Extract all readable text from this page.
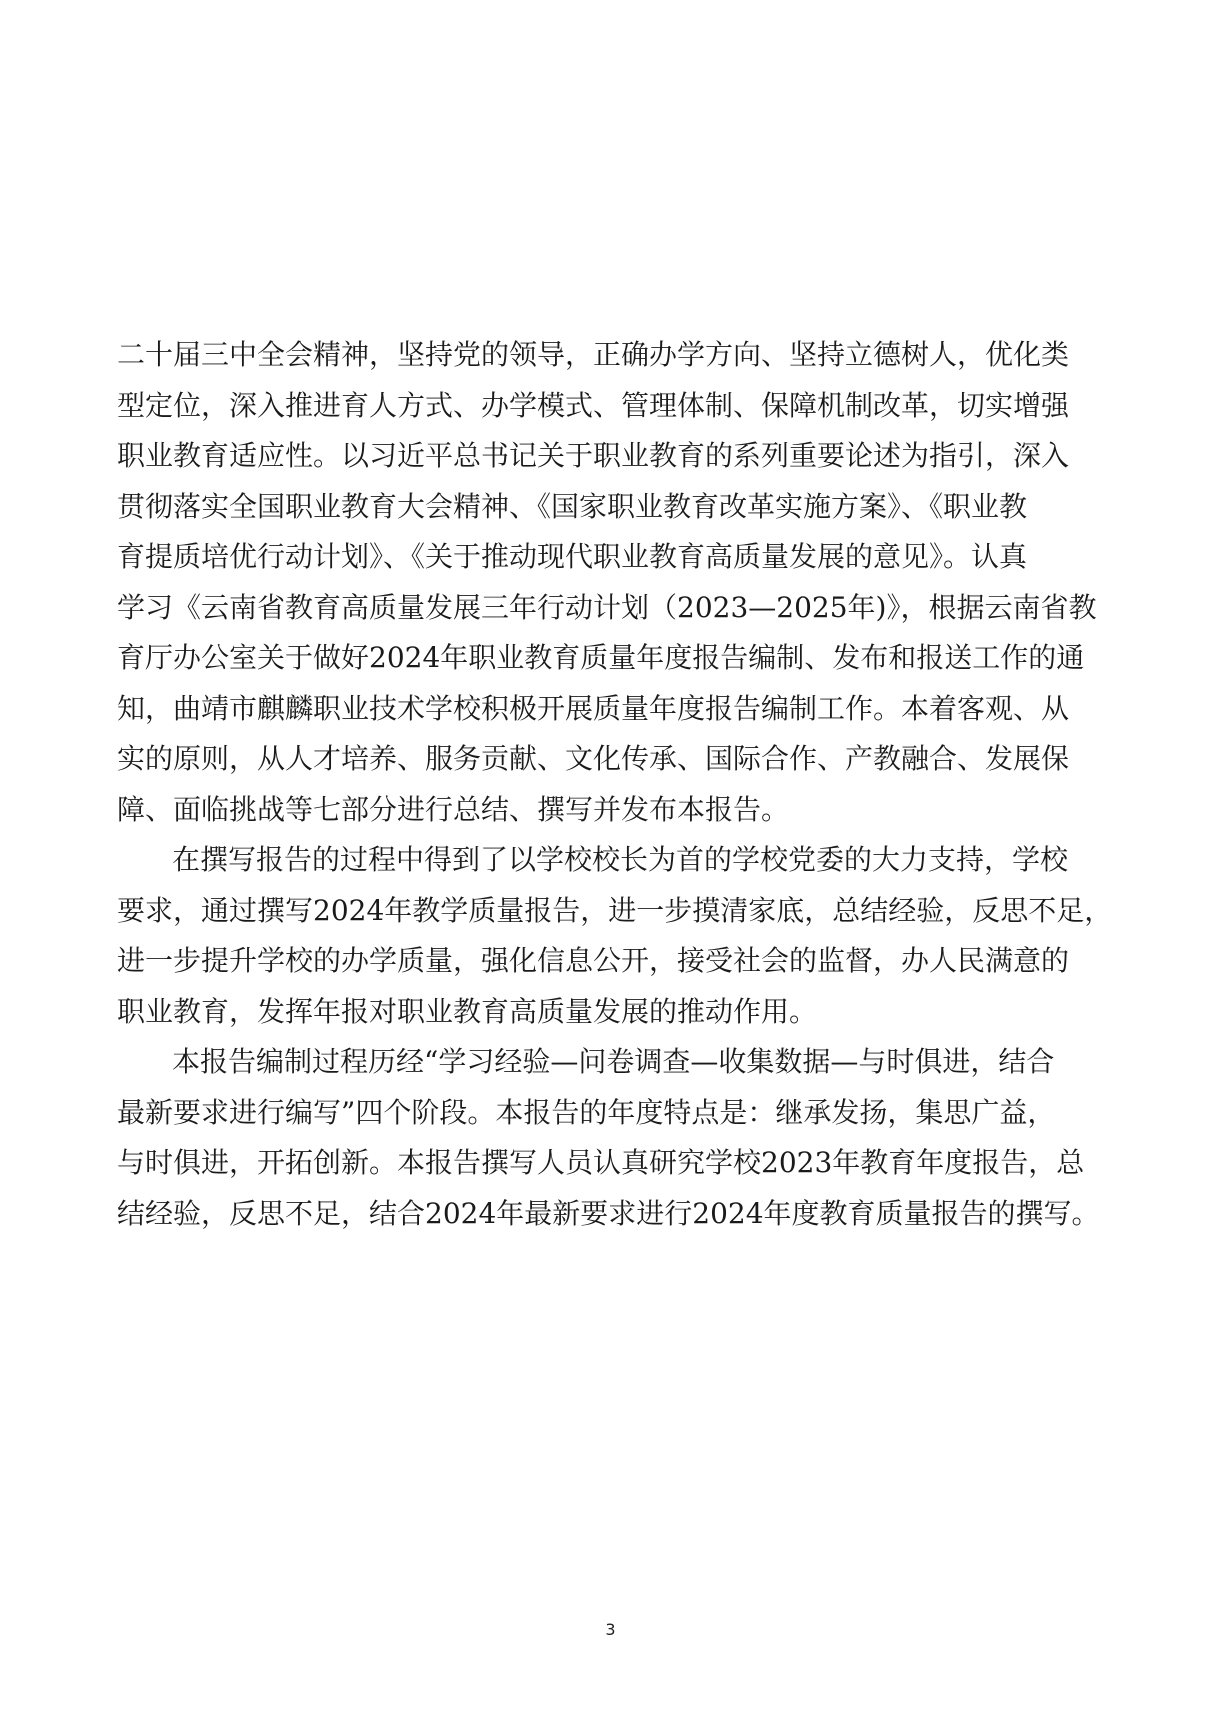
二十届三中全会精神，坚持党的领导，正确办学方向、坚持立德树人，优化类
型定位，深入推进育人方式、办学模式、管理体制、保障机制改革，切实增强
职业教育适应性。以习近平总书记关于职业教育的系列重要论述为指引，深入
贯彻落实全国职业教育大会精神、《国家职业教育改革实施方案》、《职业教
育提质培优行动计划》、《关于推动现代职业教育高质量发展的意见》。认真
学习《云南省教育高质量发展三年行动计划（2023—2025年)》，根据云南省教
育厅办公室关于做好2024年职业教育质量年度报告编制、发布和报送工作的通
知，曲靖市麒麟职业技术学校积极开展质量年度报告编制工作。本着客观、从
实的原则，从人才培养、服务贡献、文化传承、国际合作、产教融合、发展保
障、面临挑战等七部分进行总结、撰写并发布本报告。
在撰写报告的过程中得到了以学校校长为首的学校党委的大力支持，学校
要求，通过撰写2024年教学质量报告，进一步摸清家底，总结经验，反思不足，
进一步提升学校的办学质量，强化信息公开，接受社会的监督，办人民满意的
职业教育，发挥年报对职业教育高质量发展的推动作用。
本报告编制过程历经“学习经验—问卷调查—收集数据—与时俱进，结合
最新要求进行编写”四个阶段。本报告的年度特点是：继承发扬，集思广益，
与时俱进，开拓创新。本报告撰写人员认真研究学校2023年教育年度报告，总
结经验，反思不足，结合2024年最新要求进行2024年度教育质量报告的撰写。
3
